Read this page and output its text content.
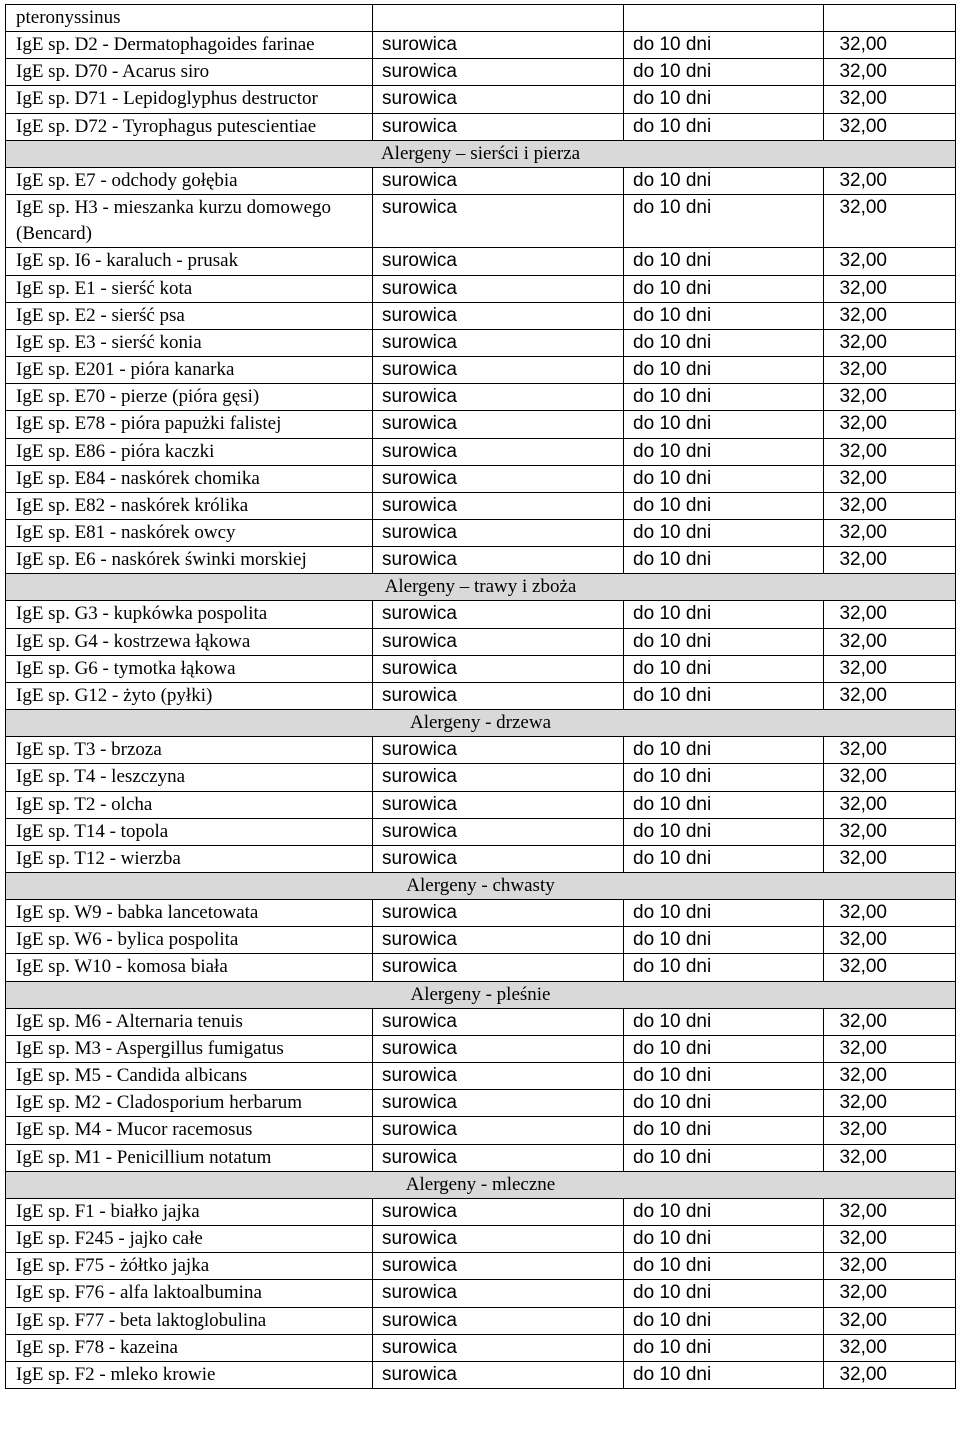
pteronyssinus			
IgE sp. D2 - Dermatophagoides farinae	surowica	do 10 dni	32,00
IgE sp. D70 - Acarus siro	surowica	do 10 dni	32,00
IgE sp. D71 - Lepidoglyphus destructor	surowica	do 10 dni	32,00
IgE sp. D72 - Tyrophagus putescientiae	surowica	do 10 dni	32,00
Alergeny – sierści i pierza			
IgE sp. E7 - odchody gołębia	surowica	do 10 dni	32,00
IgE sp. H3 - mieszanka kurzu domowego (Bencard)	surowica	do 10 dni	32,00
IgE sp. I6 - karaluch - prusak	surowica	do 10 dni	32,00
IgE sp. E1 - sierść kota	surowica	do 10 dni	32,00
IgE sp. E2 - sierść psa	surowica	do 10 dni	32,00
IgE sp. E3 - sierść konia	surowica	do 10 dni	32,00
IgE sp. E201 - pióra kanarka	surowica	do 10 dni	32,00
IgE sp. E70 - pierze (pióra gęsi)	surowica	do 10 dni	32,00
IgE sp. E78 - pióra papużki falistej	surowica	do 10 dni	32,00
IgE sp. E86 - pióra kaczki	surowica	do 10 dni	32,00
IgE sp. E84 - naskórek chomika	surowica	do 10 dni	32,00
IgE sp. E82 - naskórek królika	surowica	do 10 dni	32,00
IgE sp. E81 - naskórek owcy	surowica	do 10 dni	32,00
IgE sp. E6 - naskórek świnki morskiej	surowica	do 10 dni	32,00
Alergeny – trawy i zboża			
IgE sp. G3 - kupkówka pospolita	surowica	do 10 dni	32,00
IgE sp. G4 - kostrzewa łąkowa	surowica	do 10 dni	32,00
IgE sp. G6 - tymotka łąkowa	surowica	do 10 dni	32,00
IgE sp. G12 - żyto (pyłki)	surowica	do 10 dni	32,00
Alergeny - drzewa			
IgE sp. T3 - brzoza	surowica	do 10 dni	32,00
IgE sp. T4 - leszczyna	surowica	do 10 dni	32,00
IgE sp. T2 - olcha	surowica	do 10 dni	32,00
IgE sp. T14 - topola	surowica	do 10 dni	32,00
IgE sp. T12 - wierzba	surowica	do 10 dni	32,00
Alergeny - chwasty			
IgE sp. W9 - babka lancetowata	surowica	do 10 dni	32,00
IgE sp. W6 - bylica pospolita	surowica	do 10 dni	32,00
IgE sp. W10 - komosa biała	surowica	do 10 dni	32,00
Alergeny - pleśnie			
IgE sp. M6 - Alternaria tenuis	surowica	do 10 dni	32,00
IgE sp. M3 - Aspergillus fumigatus	surowica	do 10 dni	32,00
IgE sp. M5 - Candida albicans	surowica	do 10 dni	32,00
IgE sp. M2 - Cladosporium herbarum	surowica	do 10 dni	32,00
IgE sp. M4 - Mucor racemosus	surowica	do 10 dni	32,00
IgE sp. M1 - Penicillium notatum	surowica	do 10 dni	32,00
Alergeny - mleczne			
IgE sp. F1 - białko jajka	surowica	do 10 dni	32,00
IgE sp. F245 - jajko całe	surowica	do 10 dni	32,00
IgE sp. F75 - żółtko jajka	surowica	do 10 dni	32,00
IgE sp. F76 - alfa laktoalbumina	surowica	do 10 dni	32,00
IgE sp. F77 - beta laktoglobulina	surowica	do 10 dni	32,00
IgE sp. F78 - kazeina	surowica	do 10 dni	32,00
IgE sp. F2 - mleko krowie	surowica	do 10 dni	32,00
